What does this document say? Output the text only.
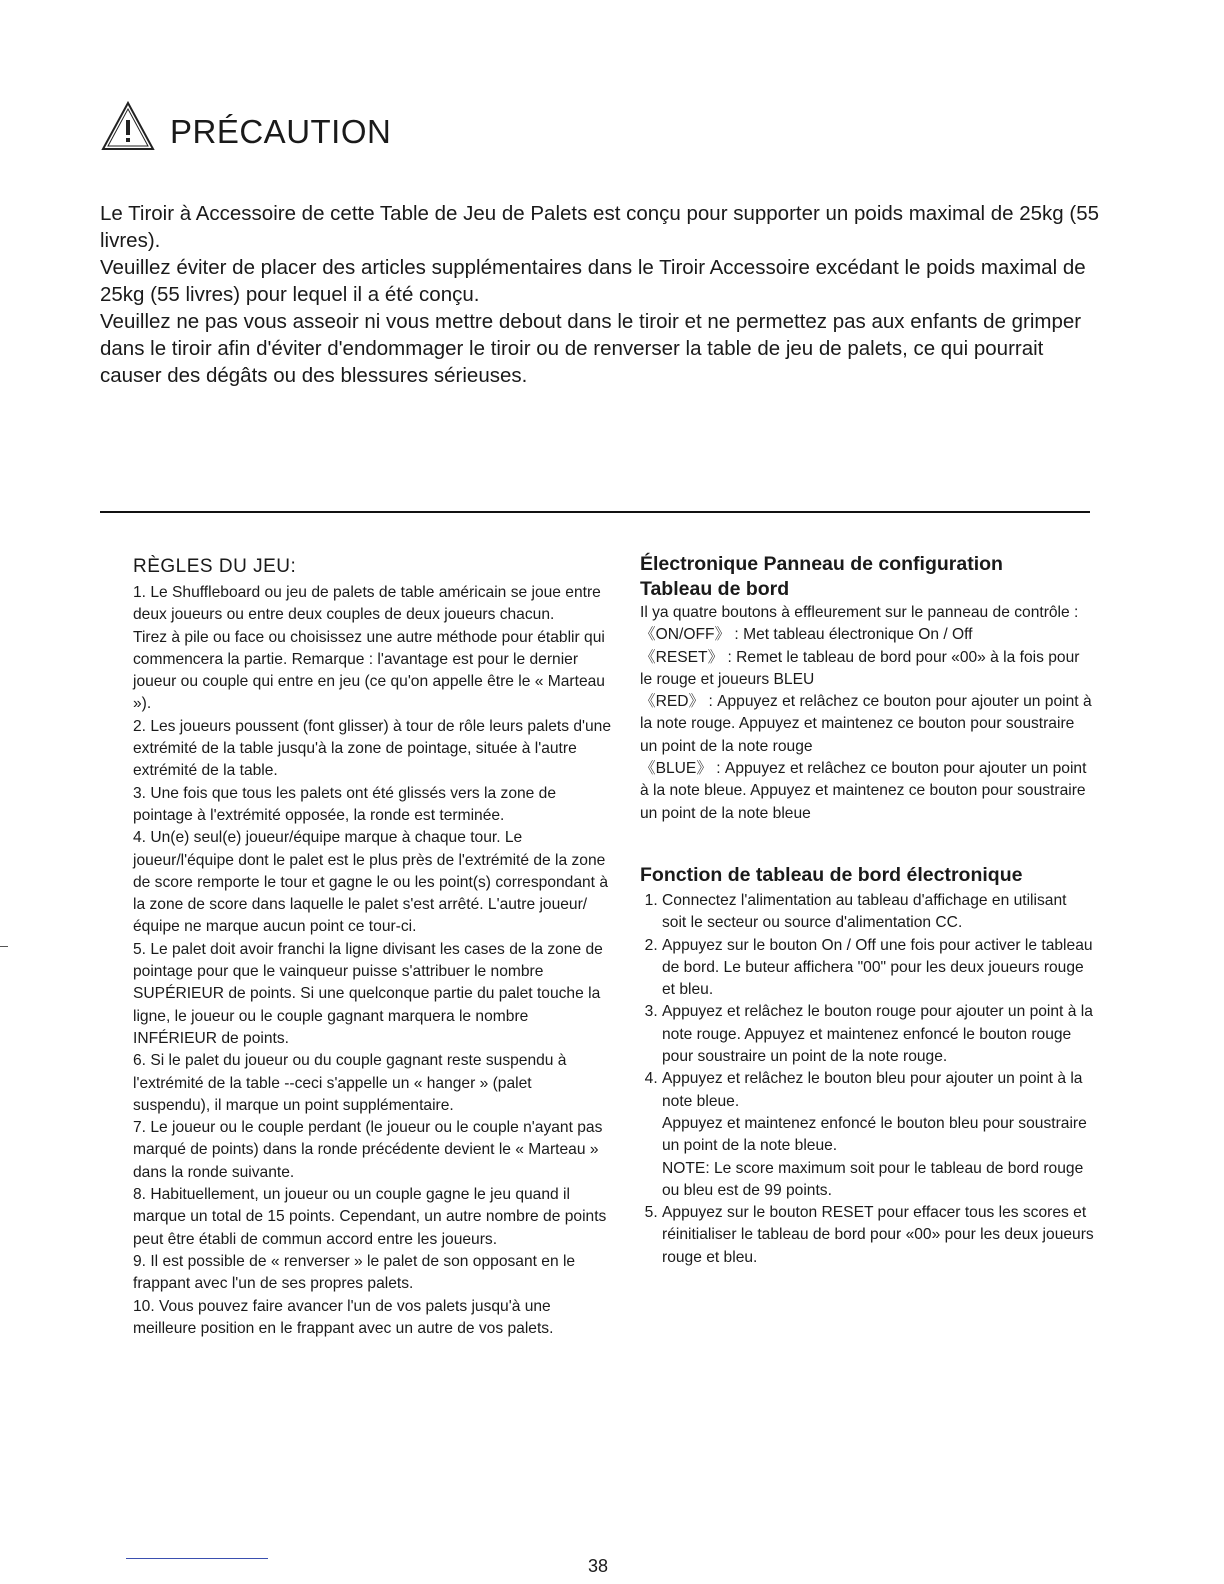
PRÉCAUTION

Le Tiroir à Accessoire de cette Table de Jeu de Palets est conçu pour supporter un poids maximal de 25kg (55 livres).

Veuillez éviter de placer des articles supplémentaires dans le Tiroir Accessoire excédant le poids maximal de 25kg (55 livres) pour lequel il a été conçu.

Veuillez ne pas vous asseoir ni vous mettre debout dans le tiroir et ne permettez pas aux enfants de grimper dans le tiroir afin d'éviter d'endommager le tiroir ou de renverser la table de jeu de palets, ce qui pourrait causer des dégâts ou des blessures sérieuses.

RÈGLES DU JEU:

1. Le Shuffleboard ou jeu de palets de table américain se joue entre deux joueurs ou entre deux couples de deux joueurs chacun.

Tirez à pile ou face ou choisissez une autre méthode pour établir qui commencera la partie. Remarque : l'avantage est pour le dernier joueur ou couple qui entre en jeu (ce qu'on appelle être le « Marteau »).

2. Les joueurs poussent (font glisser) à tour de rôle leurs palets d'une extrémité de la table jusqu'à la zone de pointage, située à l'autre extrémité de la table.

3. Une fois que tous les palets ont été glissés vers la zone de pointage à l'extrémité opposée, la ronde est terminée.

4. Un(e) seul(e) joueur/équipe marque à chaque tour. Le joueur/l'équipe dont le palet est le plus près de l'extrémité de la zone de score remporte le tour et gagne le ou les point(s) correspondant à la zone de score dans laquelle le palet s'est arrêté. L'autre joueur/équipe ne marque aucun point ce tour-ci.

5. Le palet doit avoir franchi la ligne divisant les cases de la zone de pointage pour que le vainqueur puisse s'attribuer le nombre SUPÉRIEUR de points. Si une quelconque partie du palet touche la ligne, le joueur ou le couple gagnant marquera le nombre INFÉRIEUR de points.

6. Si le palet du joueur ou du couple gagnant reste suspendu à l'extrémité de la table --ceci s'appelle un « hanger » (palet suspendu), il marque un point supplémentaire.

7. Le joueur ou le couple perdant (le joueur ou le couple n'ayant pas marqué de points) dans la ronde précédente devient le « Marteau » dans la ronde suivante.

8. Habituellement, un joueur ou un couple gagne le jeu quand il marque un total de 15 points. Cependant, un autre nombre de points peut être établi de commun accord entre les joueurs.

9. Il est possible de « renverser » le palet de son opposant en le frappant avec l'un de ses propres palets.

10. Vous pouvez faire avancer l'un de vos palets jusqu'à une meilleure position en le frappant avec un autre de vos palets.

Électronique Panneau de configuration
Tableau de bord

Il ya quatre boutons à effleurement sur le panneau de contrôle :

《ON/OFF》 : Met tableau électronique On / Off

《RESET》 : Remet le tableau de bord pour «00» à la fois pour le rouge et joueurs BLEU

《RED》 : Appuyez et relâchez ce bouton pour ajouter un point à la note rouge. Appuyez et maintenez ce bouton pour soustraire un point de la note rouge

《BLUE》 : Appuyez et relâchez ce bouton pour ajouter un point à la note bleue. Appuyez et maintenez ce bouton pour soustraire un point de la note bleue

Fonction de tableau de bord électronique
1. Connectez l'alimentation au tableau d'affichage en utilisant soit le secteur ou source d'alimentation CC.
2. Appuyez sur le bouton On / Off une fois pour activer le tableau de bord. Le buteur affichera "00" pour les deux joueurs rouge et bleu.
3. Appuyez et relâchez le bouton rouge pour ajouter un point à la note rouge. Appuyez et maintenez enfoncé le bouton rouge pour soustraire un point de la note rouge.
4. Appuyez et relâchez le bouton bleu pour ajouter un point à la note bleue.
Appuyez et maintenez enfoncé le bouton bleu pour soustraire un point de la note bleue.
NOTE: Le score maximum soit pour le tableau de bord rouge ou bleu est de 99 points.
5. Appuyez sur le bouton RESET pour effacer tous les scores et réinitialiser le tableau de bord pour «00» pour les deux joueurs rouge et bleu.
38
